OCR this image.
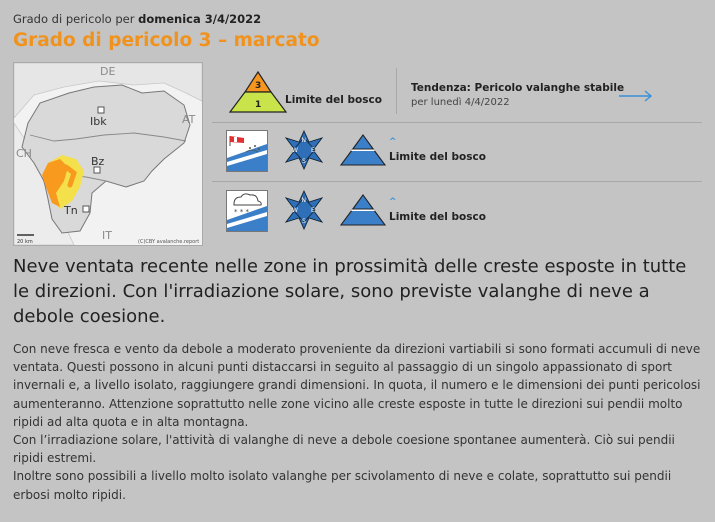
Grado di pericolo per domenica 3/4/2022
Grado di pericolo 3 – marcato
DE
AT
CH
IT
Ibk
Bz
Tn
20 km	(C)CBY avalanche.report
3
1 Limite del bosco
Tendenza: Pericolo valanghe stabile
per lunedì 4/4/2022
N
E
S
W
^
Limite del bosco
* * *
N
E
S
W
^
Limite del bosco
Neve ventata recente nelle zone in prossimità delle creste esposte in tutte le direzioni. Con l'irradiazione solare, sono previste valanghe di neve a debole coesione.

Con neve fresca e vento da debole a moderato proveniente da direzioni vartiabili si sono formati accumuli di neve ventata. Questi possono in alcuni punti distaccarsi in seguito al passaggio di un singolo appassionato di sport invernali e, a livello isolato, raggiungere grandi dimensioni. In quota, il numero e le dimensioni dei punti pericolosi aumenteranno. Attenzione soprattutto nelle zone vicino alle creste esposte in tutte le direzioni sui pendii molto ripidi ad alta quota e in alta montagna.

Con l’irradiazione solare, l'attività di valanghe di neve a debole coesione spontanee aumenterà. Ciò sui pendii ripidi estremi.

Inoltre sono possibili a livello molto isolato valanghe per scivolamento di neve e colate, soprattutto sui pendii erbosi molto ripidi.
